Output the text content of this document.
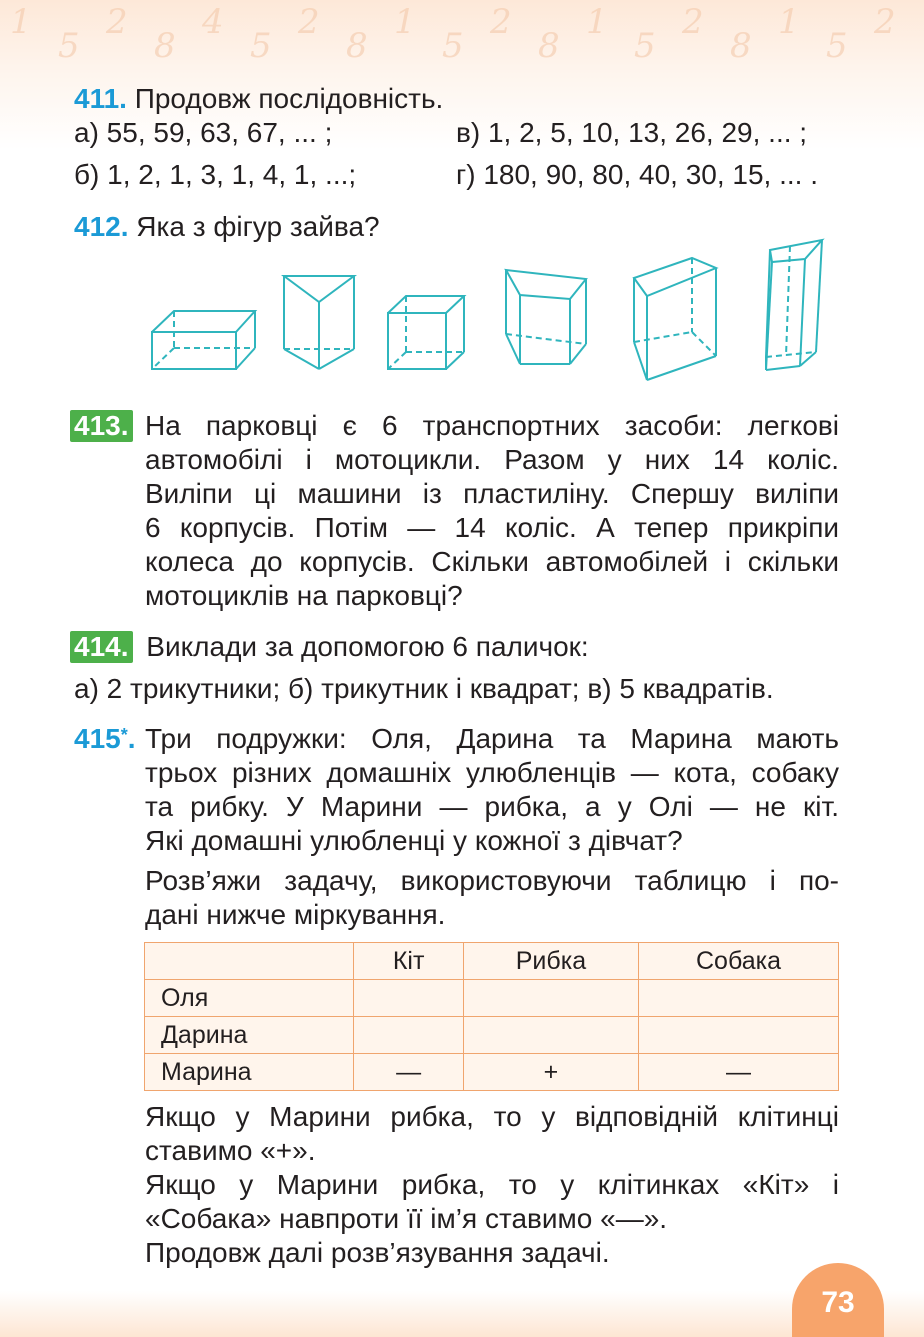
1
5
2
8
4
5
2
8
1
5
2
8
1
5
2
8
1
5
2
411. Продовж послідовність.
а) 55, 59, 63, 67, ... ;	в) 1, 2, 5, 10, 13, 26, 29, ... ;
б) 1, 2, 1, 3, 1, 4, 1, ...;	г) 180, 90, 80, 40, 30, 15, ... .
412. Яка з фігур зайва?
413. На парковці є 6 транспортних засоби: легкові
автомобілі і мотоцикли. Разом у них 14 коліс.
Виліпи ці машини із пластиліну. Спершу виліпи
6 корпусів. Потім — 14 коліс. А тепер прикріпи
колеса до корпусів. Скільки автомобілей і скільки
мотоциклів на парковці?
414. Виклади за допомогою 6 паличок:
а) 2 трикутники; б) трикутник і квадрат; в) 5 квадратів.
415*. Три подружки: Оля, Дарина та Марина мають
трьох різних домашніх улюбленців — кота, собаку
та рибку. У Марини — рибка, а у Олі — не кіт.
Які домашні улюбленці у кожної з дівчат?
Розв’яжи задачу, використовуючи таблицю і по-
дані нижче міркування.
	Кіт	Рибка	Собака
Оля			
Дарина			
Марина	—	+	—
Якщо у Марини рибка, то у відповідній клітинці
ставимо «+».
Якщо у Марини рибка, то у клітинках «Кіт» і
«Собака» навпроти її ім’я ставимо «—».
Продовж далі розв’язування задачі.
73
